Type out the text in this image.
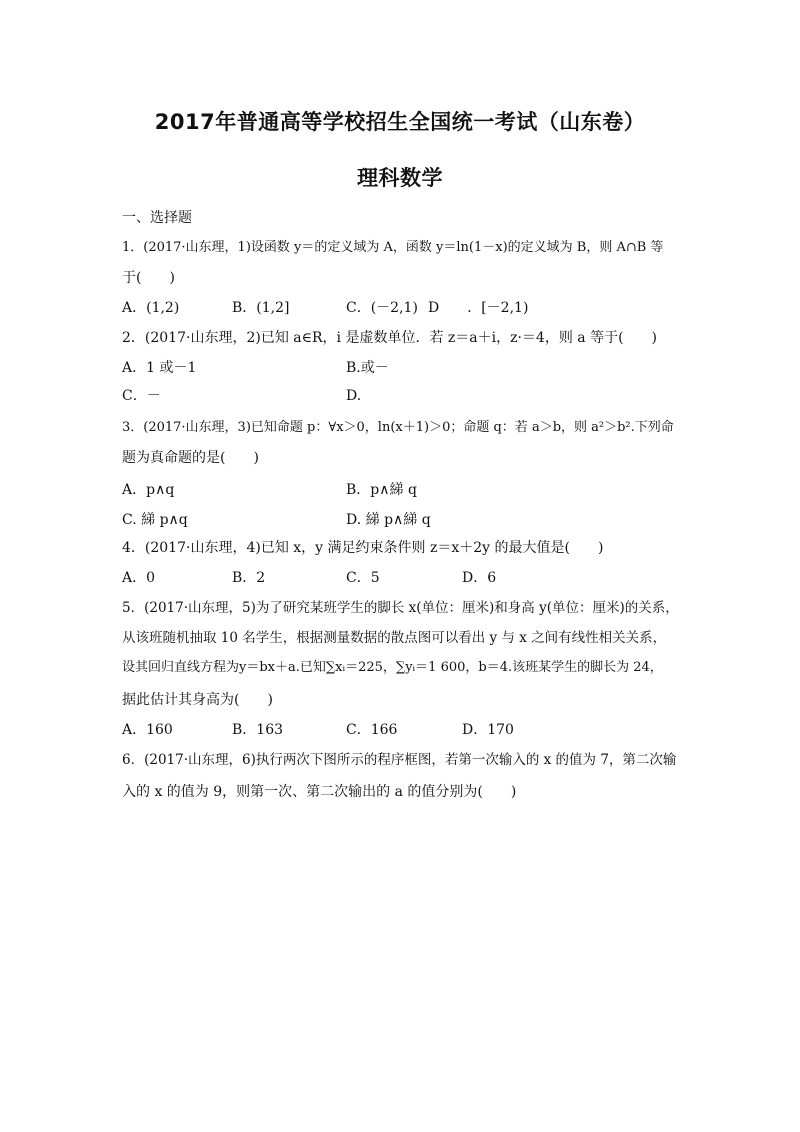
2017年普通高等学校招生全国统一考试（山东卷）
理科数学
一、选择题
1．(2017·山东理，1)设函数 y＝的定义域为 A，函数 y＝ln(1－x)的定义域为 B，则 A∩B 等
于(　　)
A．(1,2)	B．(1,2]	C．(－2,1) D　　．[－2,1)
2．(2017·山东理，2)已知 a∈R，i 是虚数单位．若 z＝a＋i，z·＝4，则 a 等于(　　)
A．1 或－1	B.或－
C．－	D.
3．(2017·山东理，3)已知命题 p：∀x＞0，ln(x＋1)＞0；命题 q：若 a＞b，则 a²＞b².下列命
题为真命题的是(　　)
A．p∧q	B．p∧綈 q
C. 綈 p∧q	D. 綈 p∧綈 q
4．(2017·山东理，4)已知 x，y 满足约束条件则 z＝x＋2y 的最大值是(　　)
A．0	B．2	C．5	D．6
5．(2017·山东理，5)为了研究某班学生的脚长 x(单位：厘米)和身高 y(单位：厘米)的关系，
从该班随机抽取 10 名学生，根据测量数据的散点图可以看出 y 与 x 之间有线性相关关系，
设其回归直线方程为y＝bx＋a.已知∑xᵢ＝225，∑yᵢ＝1 600，b＝4.该班某学生的脚长为 24，
据此估计其身高为(　　)
A．160	B．163	C．166	D．170
6．(2017·山东理，6)执行两次下图所示的程序框图，若第一次输入的 x 的值为 7，第二次输
入的 x 的值为 9，则第一次、第二次输出的 a 的值分别为(　　)
